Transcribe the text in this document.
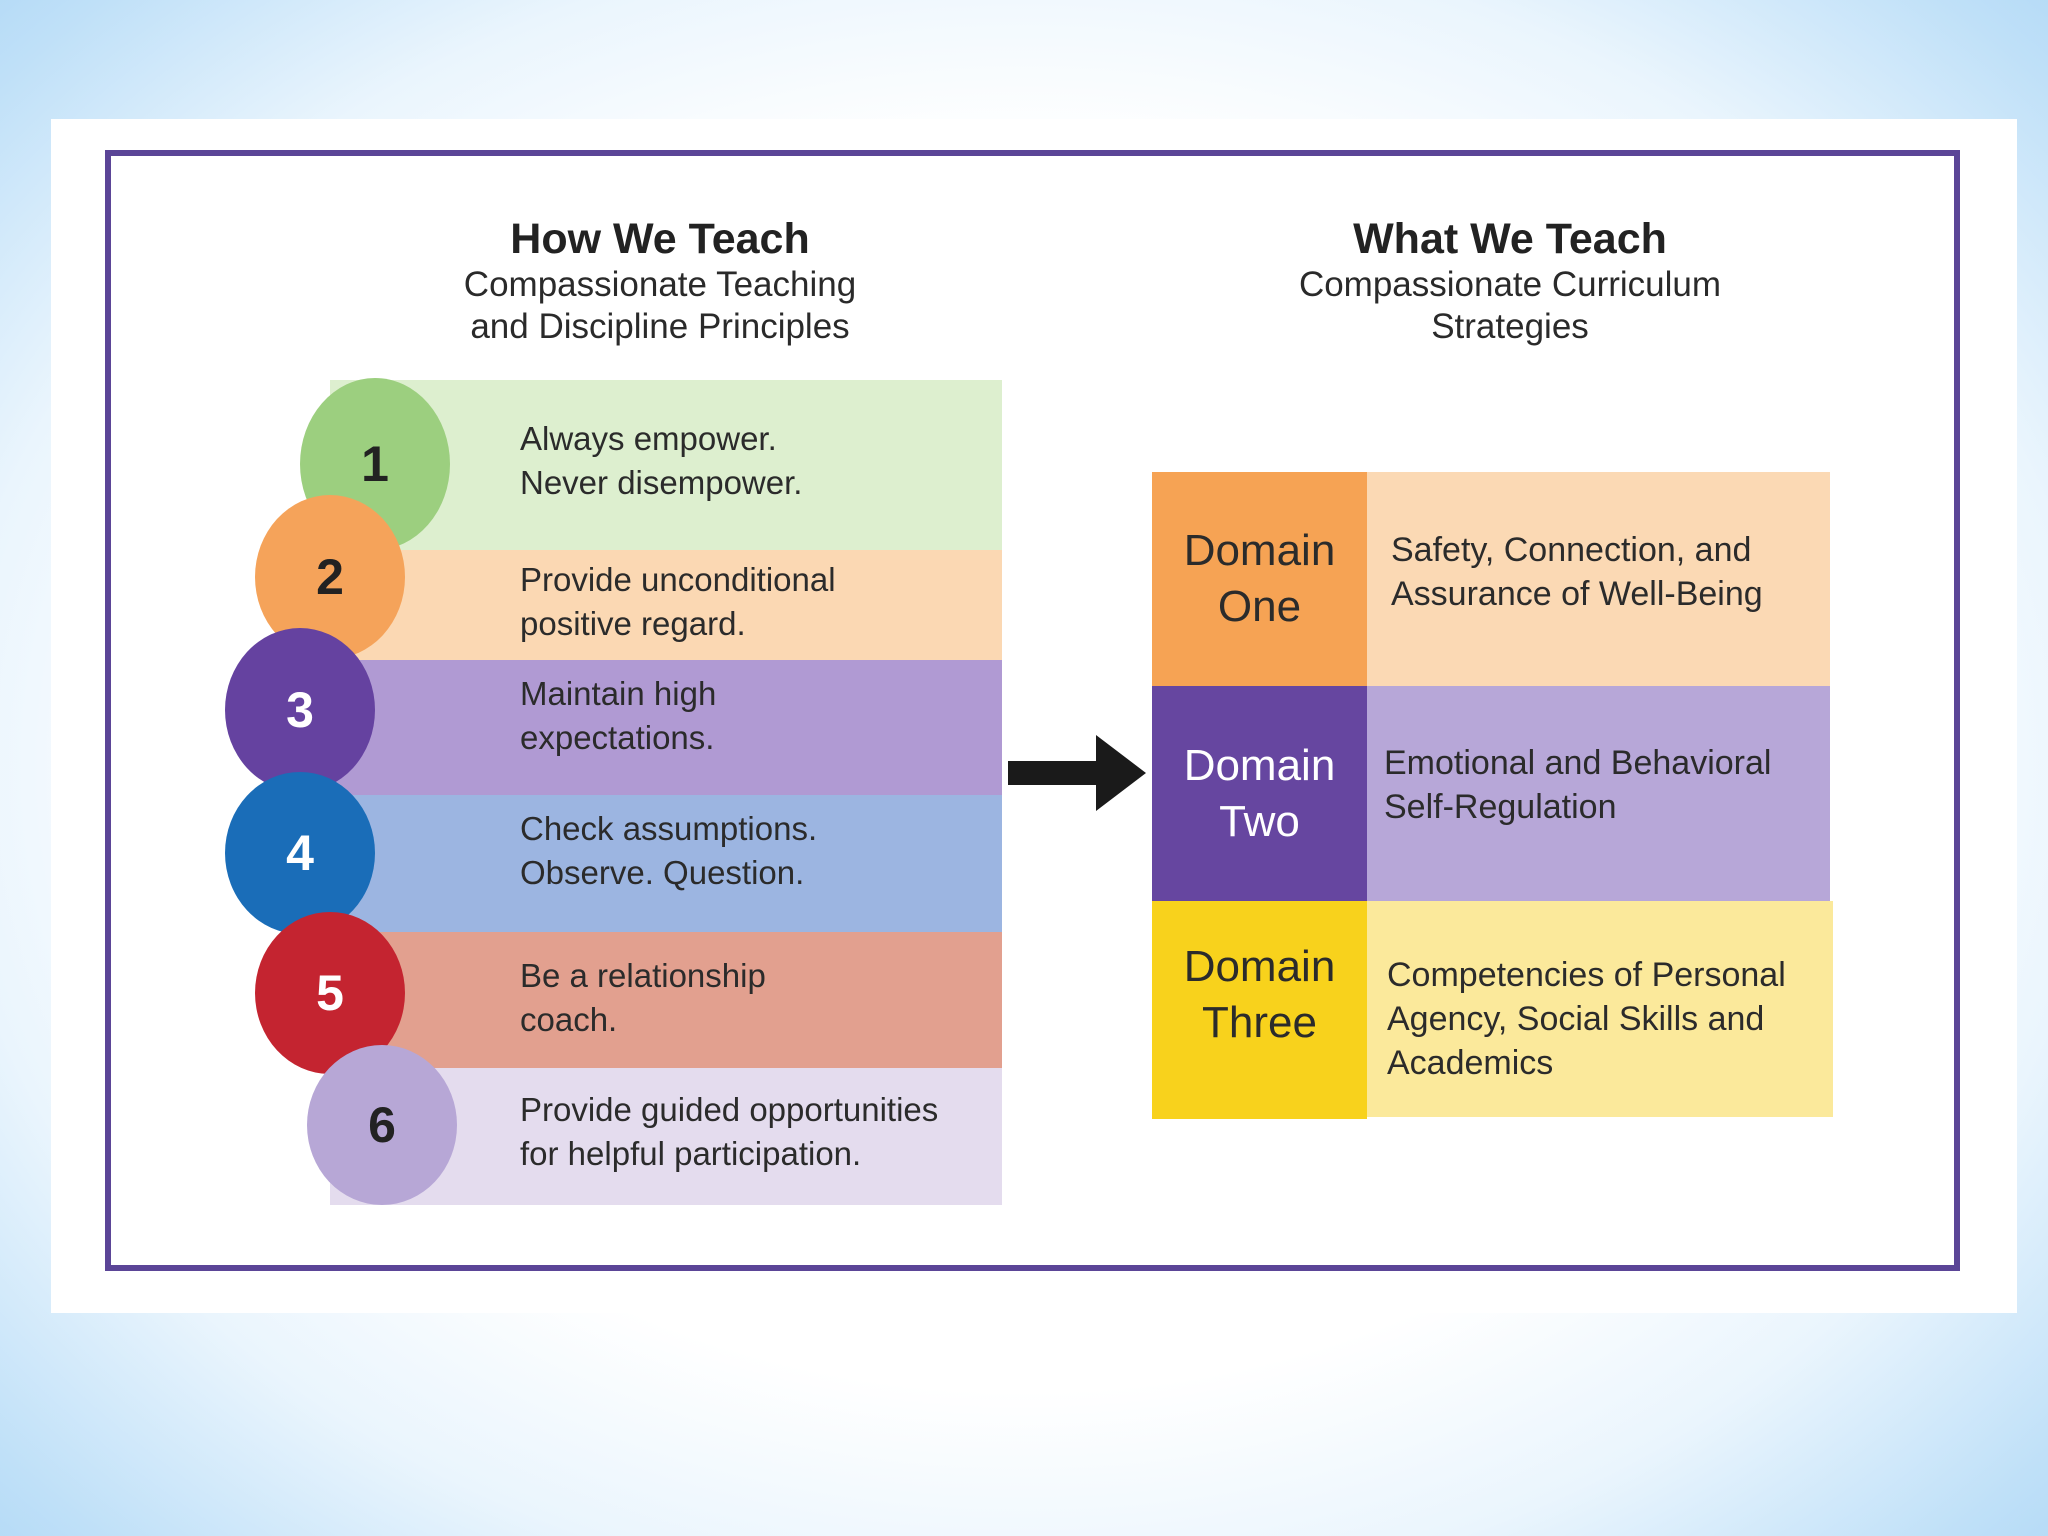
How We Teach
Compassionate Teaching
and Discipline Principles
What We Teach
Compassionate Curriculum
Strategies
Always empower.
Never disempower.
Provide unconditional
positive regard.
Maintain high
expectations.
Check assumptions.
Observe. Question.
Be a relationship
coach.
Provide guided opportunities
for helpful participation.
1
2
3
4
5
6
Domain
One
Safety, Connection, and
Assurance of Well-Being
Domain
Two
Emotional and Behavioral
Self-Regulation
Domain
Three
Competencies of Personal
Agency, Social Skills and
Academics
